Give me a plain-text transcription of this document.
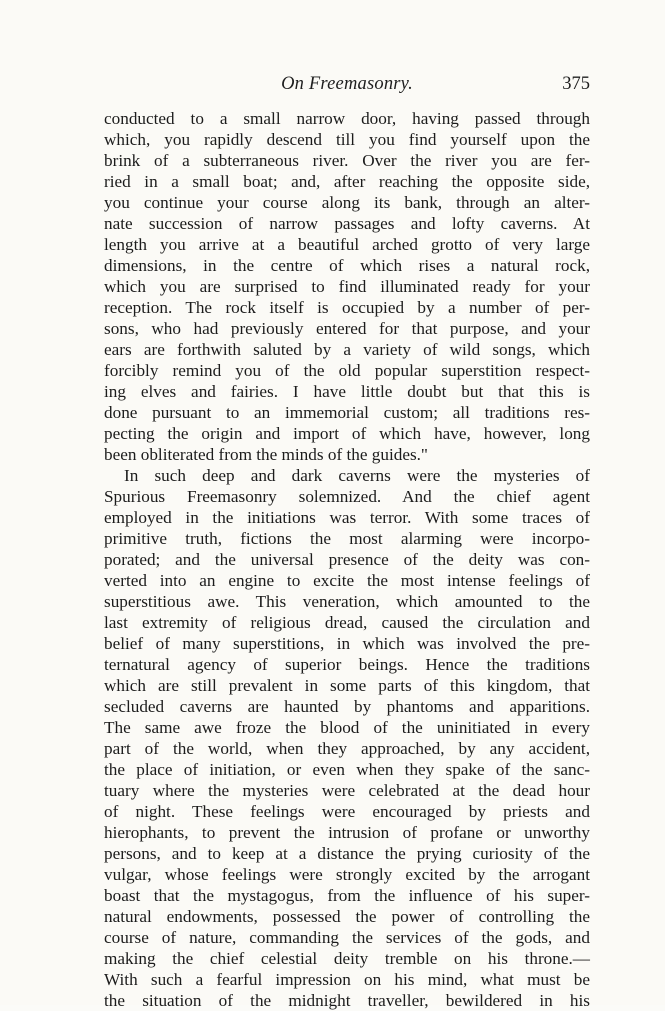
On Freemasonry.	375
conducted to a small narrow door, having passed through
which, you rapidly descend till you find yourself upon the
brink of a subterraneous river. Over the river you are fer-
ried in a small boat; and, after reaching the opposite side,
you continue your course along its bank, through an alter-
nate succession of narrow passages and lofty caverns. At
length you arrive at a beautiful arched grotto of very large
dimensions, in the centre of which rises a natural rock,
which you are surprised to find illuminated ready for your
reception. The rock itself is occupied by a number of per-
sons, who had previously entered for that purpose, and your
ears are forthwith saluted by a variety of wild songs, which
forcibly remind you of the old popular superstition respect-
ing elves and fairies. I have little doubt but that this is
done pursuant to an immemorial custom; all traditions res-
pecting the origin and import of which have, however, long
been obliterated from the minds of the guides."
In such deep and dark caverns were the mysteries of
Spurious Freemasonry solemnized. And the chief agent
employed in the initiations was terror. With some traces of
primitive truth, fictions the most alarming were incorpo-
porated; and the universal presence of the deity was con-
verted into an engine to excite the most intense feelings of
superstitious awe. This veneration, which amounted to the
last extremity of religious dread, caused the circulation and
belief of many superstitions, in which was involved the pre-
ternatural agency of superior beings. Hence the traditions
which are still prevalent in some parts of this kingdom, that
secluded caverns are haunted by phantoms and apparitions.
The same awe froze the blood of the uninitiated in every
part of the world, when they approached, by any accident,
the place of initiation, or even when they spake of the sanc-
tuary where the mysteries were celebrated at the dead hour
of night. These feelings were encouraged by priests and
hierophants, to prevent the intrusion of profane or unworthy
persons, and to keep at a distance the prying curiosity of the
vulgar, whose feelings were strongly excited by the arrogant
boast that the mystagogus, from the influence of his super-
natural endowments, possessed the power of controlling the
course of nature, commanding the services of the gods, and
making the chief celestial deity tremble on his throne.—
With such a fearful impression on his mind, what must be
the situation of the midnight traveller, bewildered in his
